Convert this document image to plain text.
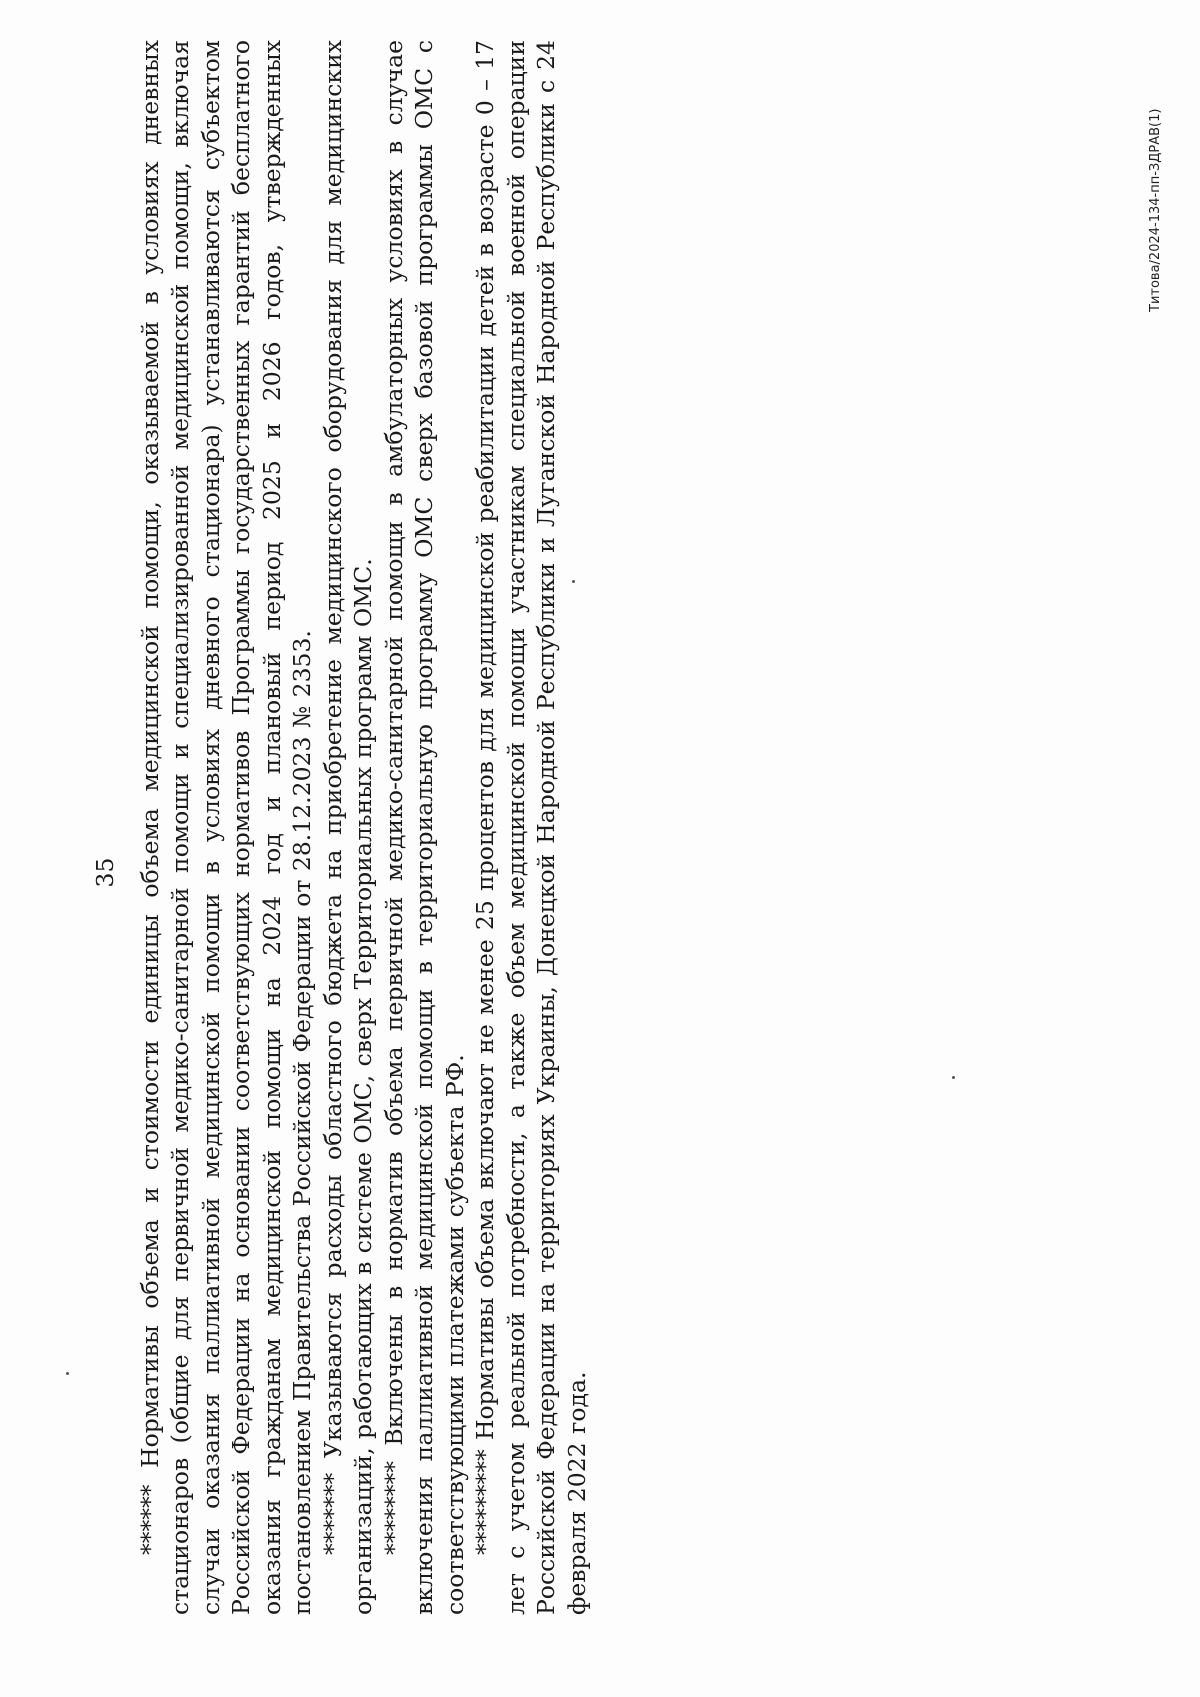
35 ****** Нормативы объема и стоимости единицы объема медицинской помощи, оказываемой в условиях дневных стационаров (общие для первичной медико-санитарной помощи и специализированной медицинской помощи, включая случаи оказания паллиативной медицинской помощи в условиях дневного стационара) устанавливаются субъектом Российской Федерации на основании соответствующих нормативов Программы государственных гарантий бесплатного оказания гражданам медицинской помощи на 2024 год и плановый период 2025 и 2026 годов, утвержденных постановлением Правительства Российской Федерации от 28.12.2023 № 2353. ******* Указываются расходы областного бюджета на приобретение медицинского оборудования для медицинских организаций, работающих в системе ОМС, сверх Территориальных программ ОМС. ******** Включены в норматив объема первичной медико-санитарной помощи в амбулаторных условиях в случае включения паллиативной медицинской помощи в территориальную программу ОМС сверх базовой программы ОМС с соответствующими платежами субъекта РФ. ********* Нормативы объема включают не менее 25 процентов для медицинской реабилитации детей в возрасте 0 – 17 лет с учетом реальной потребности, а также объем медицинской помощи участникам специальной военной операции Российской Федерации на территориях Украины, Донецкой Народной Республики и Луганской Народной Республики с 24 февраля 2022 года.

Титова/2024-134-пп-ЗДРАВ(1)
